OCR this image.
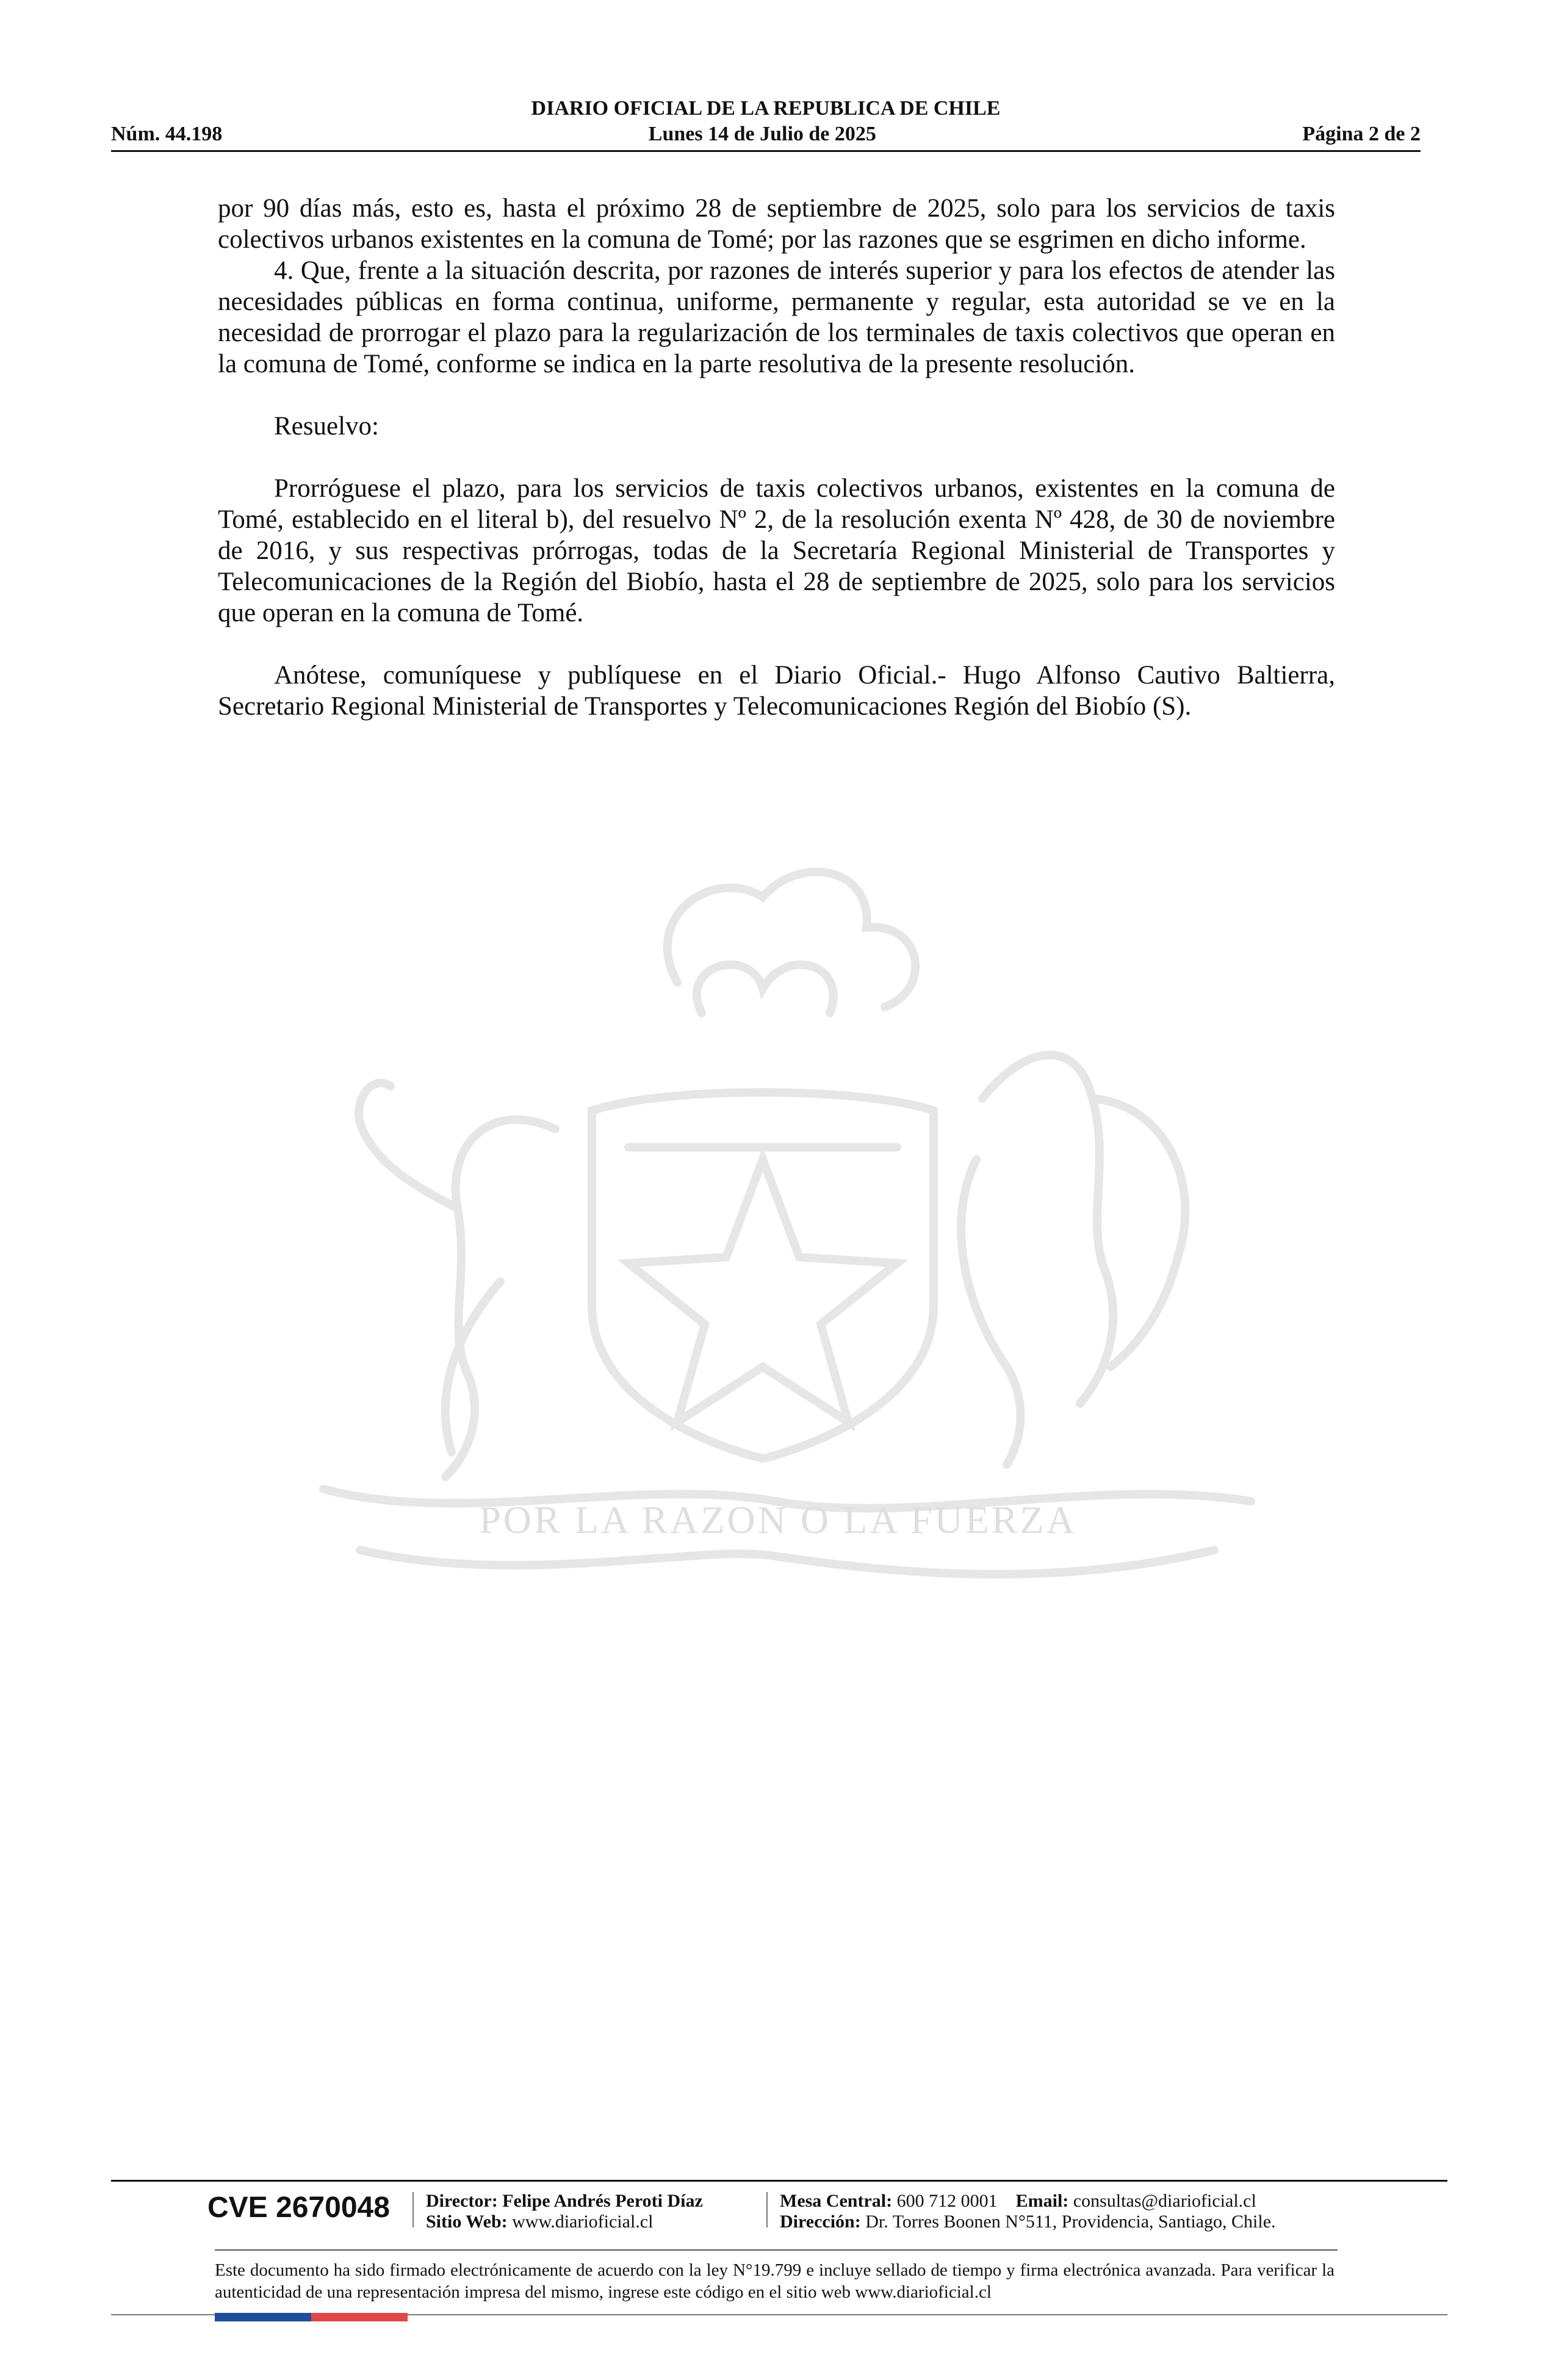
DIARIO OFICIAL DE LA REPUBLICA DE CHILE
Núm. 44.198	Lunes 14 de Julio de 2025	Página 2 de 2
POR LA RAZON O LA FUERZA

por 90 días más, esto es, hasta el próximo 28 de septiembre de 2025, solo para los servicios de taxis colectivos urbanos existentes en la comuna de Tomé; por las razones que se esgrimen en dicho informe.

4. Que, frente a la situación descrita, por razones de interés superior y para los efectos de atender las necesidades públicas en forma continua, uniforme, permanente y regular, esta autoridad se ve en la necesidad de prorrogar el plazo para la regularización de los terminales de taxis colectivos que operan en la comuna de Tomé, conforme se indica en la parte resolutiva de la presente resolución.

Resuelvo:

Prorróguese el plazo, para los servicios de taxis colectivos urbanos, existentes en la comuna de Tomé, establecido en el literal b), del resuelvo Nº 2, de la resolución exenta Nº 428, de 30 de noviembre de 2016, y sus respectivas prórrogas, todas de la Secretaría Regional Ministerial de Transportes y Telecomunicaciones de la Región del Biobío, hasta el 28 de septiembre de 2025, solo para los servicios que operan en la comuna de Tomé.

Anótese, comuníquese y publíquese en el Diario Oficial.- Hugo Alfonso Cautivo Baltierra, Secretario Regional Ministerial de Transportes y Telecomunicaciones Región del Biobío (S).

CVE 2670048 Director: Felipe Andrés Peroti Díaz
Sitio Web: www.diarioficial.cl
Mesa Central: 600 712 0001 Email: consultas@diarioficial.cl
Dirección: Dr. Torres Boonen N°511, Providencia, Santiago, Chile.
Este documento ha sido firmado electrónicamente de acuerdo con la ley N°19.799 e incluye sellado de tiempo y firma electrónica avanzada. Para verificar la autenticidad de una representación impresa del mismo, ingrese este código en el sitio web www.diarioficial.cl
